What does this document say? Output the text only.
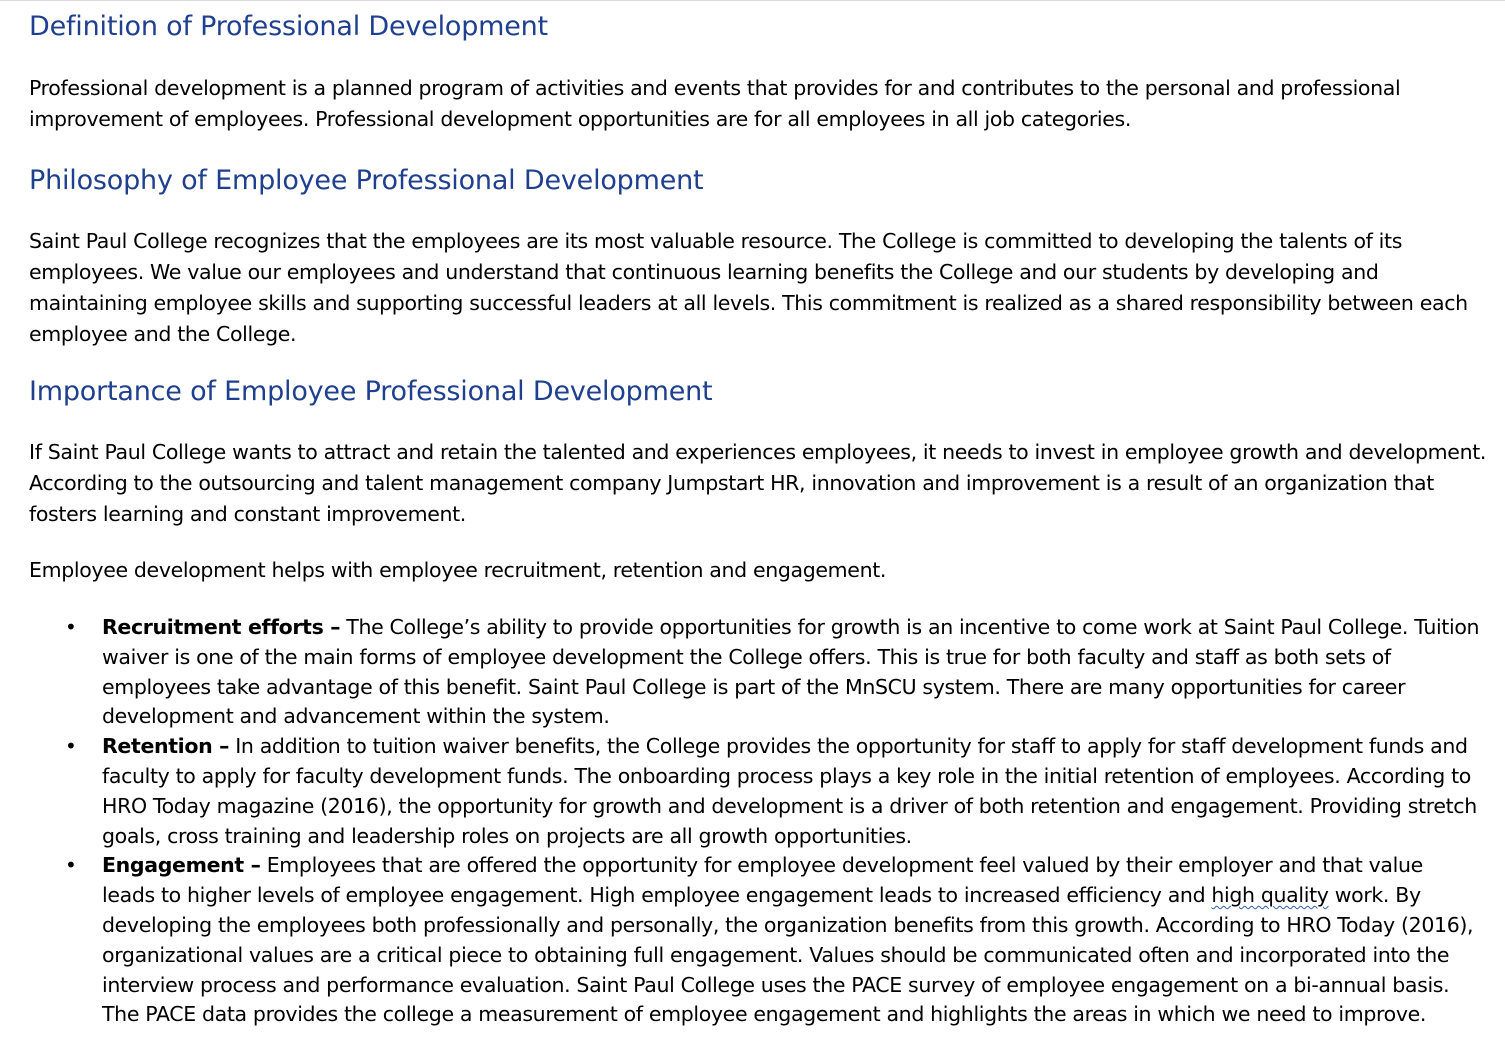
Definition of Professional Development

Professional development is a planned program of activities and events that provides for and contributes to the personal and professional improvement of employees. Professional development opportunities are for all employees in all job categories.

Philosophy of Employee Professional Development

Saint Paul College recognizes that the employees are its most valuable resource. The College is committed to developing the talents of its employees. We value our employees and understand that continuous learning benefits the College and our students by developing and maintaining employee skills and supporting successful leaders at all levels. This commitment is realized as a shared responsibility between each employee and the College.

Importance of Employee Professional Development

If Saint Paul College wants to attract and retain the talented and experiences employees, it needs to invest in employee growth and development. According to the outsourcing and talent management company Jumpstart HR, innovation and improvement is a result of an organization that fosters learning and constant improvement.

Employee development helps with employee recruitment, retention and engagement.

• Recruitment efforts – The College’s ability to provide opportunities for growth is an incentive to come work at Saint Paul College. Tuition waiver is one of the main forms of employee development the College offers. This is true for both faculty and staff as both sets of employees take advantage of this benefit. Saint Paul College is part of the MnSCU system. There are many opportunities for career development and advancement within the system.
• Retention – In addition to tuition waiver benefits, the College provides the opportunity for staff to apply for staff development funds and faculty to apply for faculty development funds. The onboarding process plays a key role in the initial retention of employees. According to HRO Today magazine (2016), the opportunity for growth and development is a driver of both retention and engagement. Providing stretch goals, cross training and leadership roles on projects are all growth opportunities.
• Engagement – Employees that are offered the opportunity for employee development feel valued by their employer and that value leads to higher levels of employee engagement. High employee engagement leads to increased efficiency and high quality work. By developing the employees both professionally and personally, the organization benefits from this growth. According to HRO Today (2016), organizational values are a critical piece to obtaining full engagement. Values should be communicated often and incorporated into the interview process and performance evaluation. Saint Paul College uses the PACE survey of employee engagement on a bi-annual basis. The PACE data provides the college a measurement of employee engagement and highlights the areas in which we need to improve.
